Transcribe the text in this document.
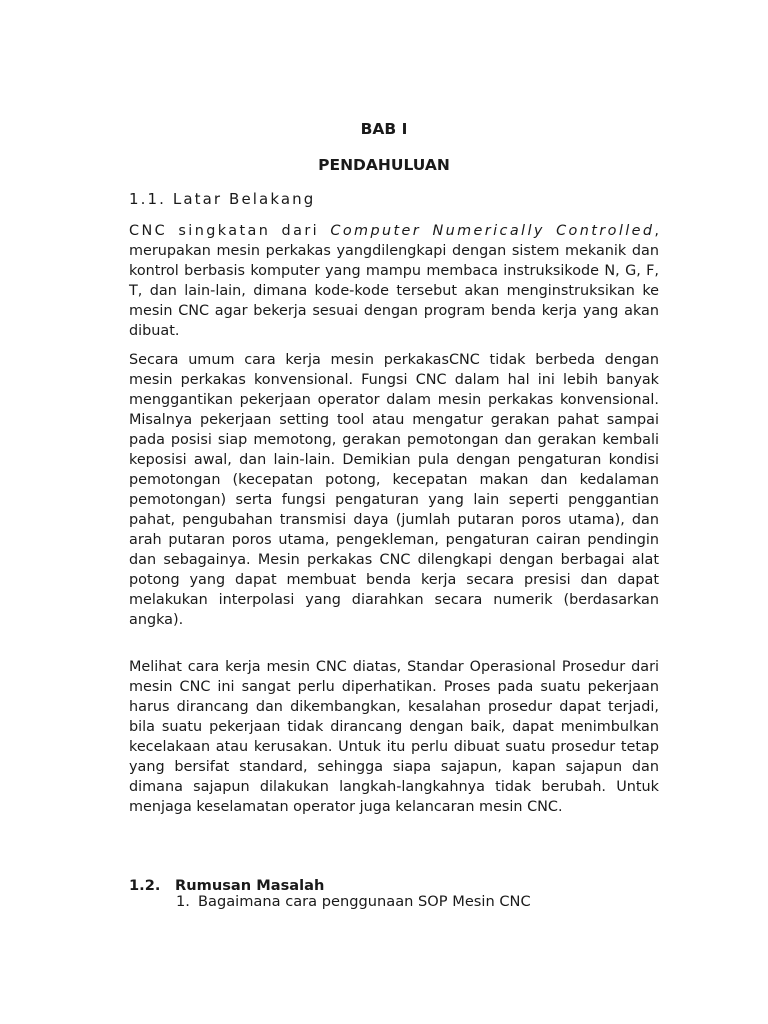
BAB I

PENDAHULUAN

1.1. Latar Belakang

CNC singkatan dari Computer Numerically Controlled, merupakan mesin perkakas yangdilengkapi dengan sistem mekanik dan kontrol berbasis komputer yang mampu membaca instruksikode N, G, F, T, dan lain-lain, dimana kode-kode tersebut akan menginstruksikan ke mesin CNC agar bekerja sesuai dengan program benda kerja yang akan dibuat.

Secara umum cara kerja mesin perkakasCNC tidak berbeda dengan mesin perkakas konvensional. Fungsi CNC dalam hal ini lebih banyak menggantikan pekerjaan operator dalam mesin perkakas konvensional. Misalnya pekerjaan setting tool atau mengatur gerakan pahat sampai pada posisi siap memotong, gerakan pemotongan dan gerakan kembali keposisi awal, dan lain-lain. Demikian pula dengan pengaturan kondisi pemotongan (kecepatan potong, kecepatan makan dan kedalaman pemotongan) serta fungsi pengaturan yang lain seperti penggantian pahat, pengubahan transmisi daya (jumlah putaran poros utama), dan arah putaran poros utama, pengekleman, pengaturan cairan pendingin dan sebagainya. Mesin perkakas CNC dilengkapi dengan berbagai alat potong yang dapat membuat benda kerja secara presisi dan dapat melakukan interpolasi yang diarahkan secara numerik (berdasarkan angka).

Melihat cara kerja mesin CNC diatas, Standar Operasional Prosedur dari mesin CNC ini sangat perlu diperhatikan. Proses pada suatu pekerjaan harus dirancang dan dikembangkan, kesalahan prosedur dapat terjadi, bila suatu pekerjaan tidak dirancang dengan baik, dapat menimbulkan kecelakaan atau kerusakan. Untuk itu perlu dibuat suatu prosedur tetap yang bersifat standard, sehingga siapa sajapun, kapan sajapun dan dimana sajapun dilakukan langkah-langkahnya tidak berubah. Untuk menjaga keselamatan operator juga kelancaran mesin CNC.

1.2. Rumusan Masalah

1. Bagaimana cara penggunaan SOP Mesin CNC
